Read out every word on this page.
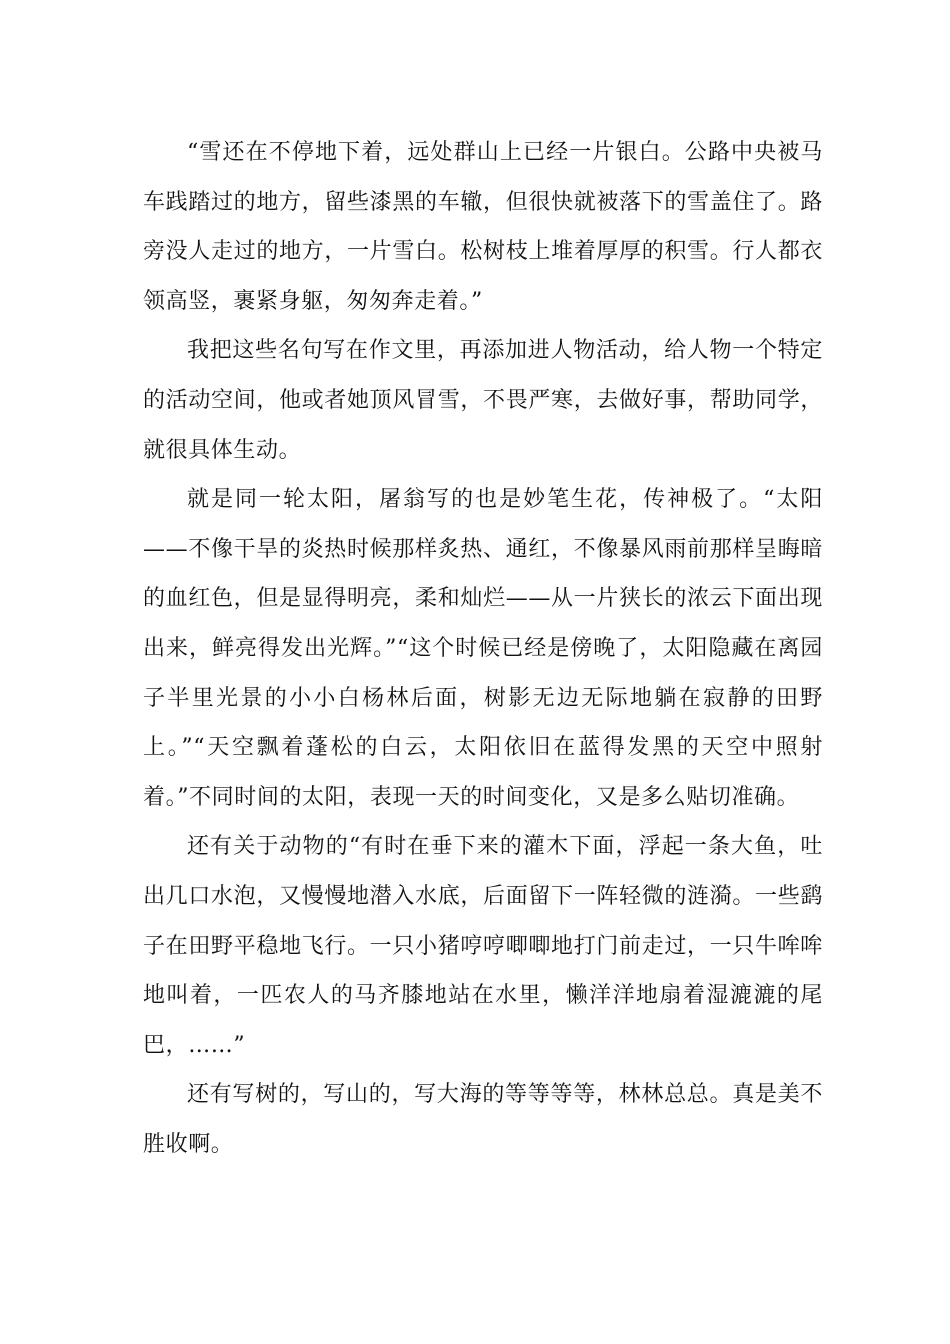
“雪还在不停地下着，远处群山上已经一片银白。公路中央被马车践踏过的地方，留些漆黑的车辙，但很快就被落下的雪盖住了。路旁没人走过的地方，一片雪白。松树枝上堆着厚厚的积雪。行人都衣领高竖，裹紧身躯，匆匆奔走着。”

我把这些名句写在作文里，再添加进人物活动，给人物一个特定的活动空间，他或者她顶风冒雪，不畏严寒，去做好事，帮助同学，就很具体生动。

就是同一轮太阳，屠翁写的也是妙笔生花，传神极了。“太阳——不像干旱的炎热时候那样炙热、通红，不像暴风雨前那样呈晦暗的血红色，但是显得明亮，柔和灿烂——从一片狭长的浓云下面出现出来，鲜亮得发出光辉。”“这个时候已经是傍晚了，太阳隐藏在离园子半里光景的小小白杨林后面，树影无边无际地躺在寂静的田野上。”“天空飘着蓬松的白云，太阳依旧在蓝得发黑的天空中照射着。”不同时间的太阳，表现一天的时间变化，又是多么贴切准确。

还有关于动物的“有时在垂下来的灌木下面，浮起一条大鱼，吐出几口水泡，又慢慢地潜入水底，后面留下一阵轻微的涟漪。一些鹞子在田野平稳地飞行。一只小猪哼哼唧唧地打门前走过，一只牛哞哞地叫着，一匹农人的马齐膝地站在水里，懒洋洋地扇着湿漉漉的尾巴，……”

还有写树的，写山的，写大海的等等等等，林林总总。真是美不胜收啊。
